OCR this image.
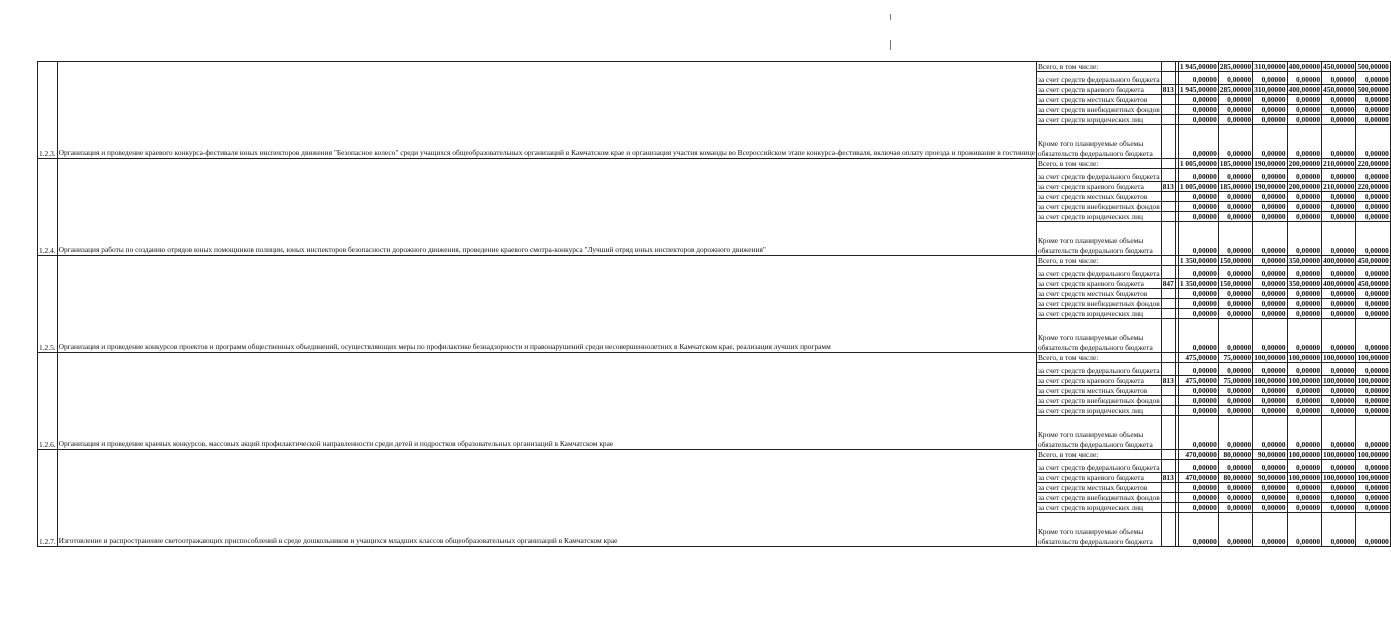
1.2.3.	Организация и проведение краевого конкурса-фестиваля юных инспекторов движения "Безопасное колесо" среди учащихся общеобразовательных организаций в Камчатском крае и организация участия команды во Всероссийском этапе конкурса-фестиваля, включая оплату проезда и проживание в гостинице	Всего, в том числе:			1 945,00000	285,00000	310,00000	400,00000	450,00000	500,00000
		за счет средств федерального бюджета			0,00000	0,00000	0,00000	0,00000	0,00000	0,00000
		за счет средств краевого бюджета	813		1 945,00000	285,00000	310,00000	400,00000	450,00000	500,00000
		за счет средств местных бюджетов			0,00000	0,00000	0,00000	0,00000	0,00000	0,00000
		за счет средств внебюджетных фондов			0,00000	0,00000	0,00000	0,00000	0,00000	0,00000
		за счет средств юридических лиц			0,00000	0,00000	0,00000	0,00000	0,00000	0,00000
		Кроме того планируемые объемы обязательств федерального бюджета			0,00000	0,00000	0,00000	0,00000	0,00000	0,00000
1.2.4.	Организация работы по созданию отрядов юных помощников полиции, юных инспекторов безопасности дорожного движения, проведение краевого смотра-конкурса "Лучший отряд юных инспекторов дорожного движения"	Всего, в том числе:			1 005,00000	185,00000	190,00000	200,00000	210,00000	220,00000
		за счет средств федерального бюджета			0,00000	0,00000	0,00000	0,00000	0,00000	0,00000
		за счет средств краевого бюджета	813		1 005,00000	185,00000	190,00000	200,00000	210,00000	220,00000
		за счет средств местных бюджетов			0,00000	0,00000	0,00000	0,00000	0,00000	0,00000
		за счет средств внебюджетных фондов			0,00000	0,00000	0,00000	0,00000	0,00000	0,00000
		за счет средств юридических лиц			0,00000	0,00000	0,00000	0,00000	0,00000	0,00000
		Кроме того планируемые объемы обязательств федерального бюджета			0,00000	0,00000	0,00000	0,00000	0,00000	0,00000
1.2.5.	Организация и проведение конкурсов проектов и программ общественных объединений, осуществляющих меры по профилактике безнадзорности и правонарушений среди несовершеннолетних в Камчатском крае, реализация лучших программ	Всего, в том числе:			1 350,00000	150,00000	0,00000	350,00000	400,00000	450,00000
		за счет средств федерального бюджета			0,00000	0,00000	0,00000	0,00000	0,00000	0,00000
		за счет средств краевого бюджета	847		1 350,00000	150,00000	0,00000	350,00000	400,00000	450,00000
		за счет средств местных бюджетов			0,00000	0,00000	0,00000	0,00000	0,00000	0,00000
		за счет средств внебюджетных фондов			0,00000	0,00000	0,00000	0,00000	0,00000	0,00000
		за счет средств юридических лиц			0,00000	0,00000	0,00000	0,00000	0,00000	0,00000
		Кроме того планируемые объемы обязательств федерального бюджета			0,00000	0,00000	0,00000	0,00000	0,00000	0,00000
1.2.6.	Организация и проведение краевых конкурсов, массовых акций профилактической направленности среди детей и подростков образовательных организаций в Камчатском крае	Всего, в том числе:			475,00000	75,00000	100,00000	100,00000	100,00000	100,00000
		за счет средств федерального бюджета			0,00000	0,00000	0,00000	0,00000	0,00000	0,00000
		за счет средств краевого бюджета	813		475,00000	75,00000	100,00000	100,00000	100,00000	100,00000
		за счет средств местных бюджетов			0,00000	0,00000	0,00000	0,00000	0,00000	0,00000
		за счет средств внебюджетных фондов			0,00000	0,00000	0,00000	0,00000	0,00000	0,00000
		за счет средств юридических лиц			0,00000	0,00000	0,00000	0,00000	0,00000	0,00000
		Кроме того планируемые объемы обязательств федерального бюджета			0,00000	0,00000	0,00000	0,00000	0,00000	0,00000
1.2.7.	Изготовление и распространение светоотражающих приспособлений в среде дошкольников и учащихся младших классов общеобразовательных организаций в Камчатском крае	Всего, в том числе:			470,00000	80,00000	90,00000	100,00000	100,00000	100,00000
		за счет средств федерального бюджета			0,00000	0,00000	0,00000	0,00000	0,00000	0,00000
		за счет средств краевого бюджета	813		470,00000	80,00000	90,00000	100,00000	100,00000	100,00000
		за счет средств местных бюджетов			0,00000	0,00000	0,00000	0,00000	0,00000	0,00000
		за счет средств внебюджетных фондов			0,00000	0,00000	0,00000	0,00000	0,00000	0,00000
		за счет средств юридических лиц			0,00000	0,00000	0,00000	0,00000	0,00000	0,00000
		Кроме того планируемые объемы обязательств федерального бюджета			0,00000	0,00000	0,00000	0,00000	0,00000	0,00000
